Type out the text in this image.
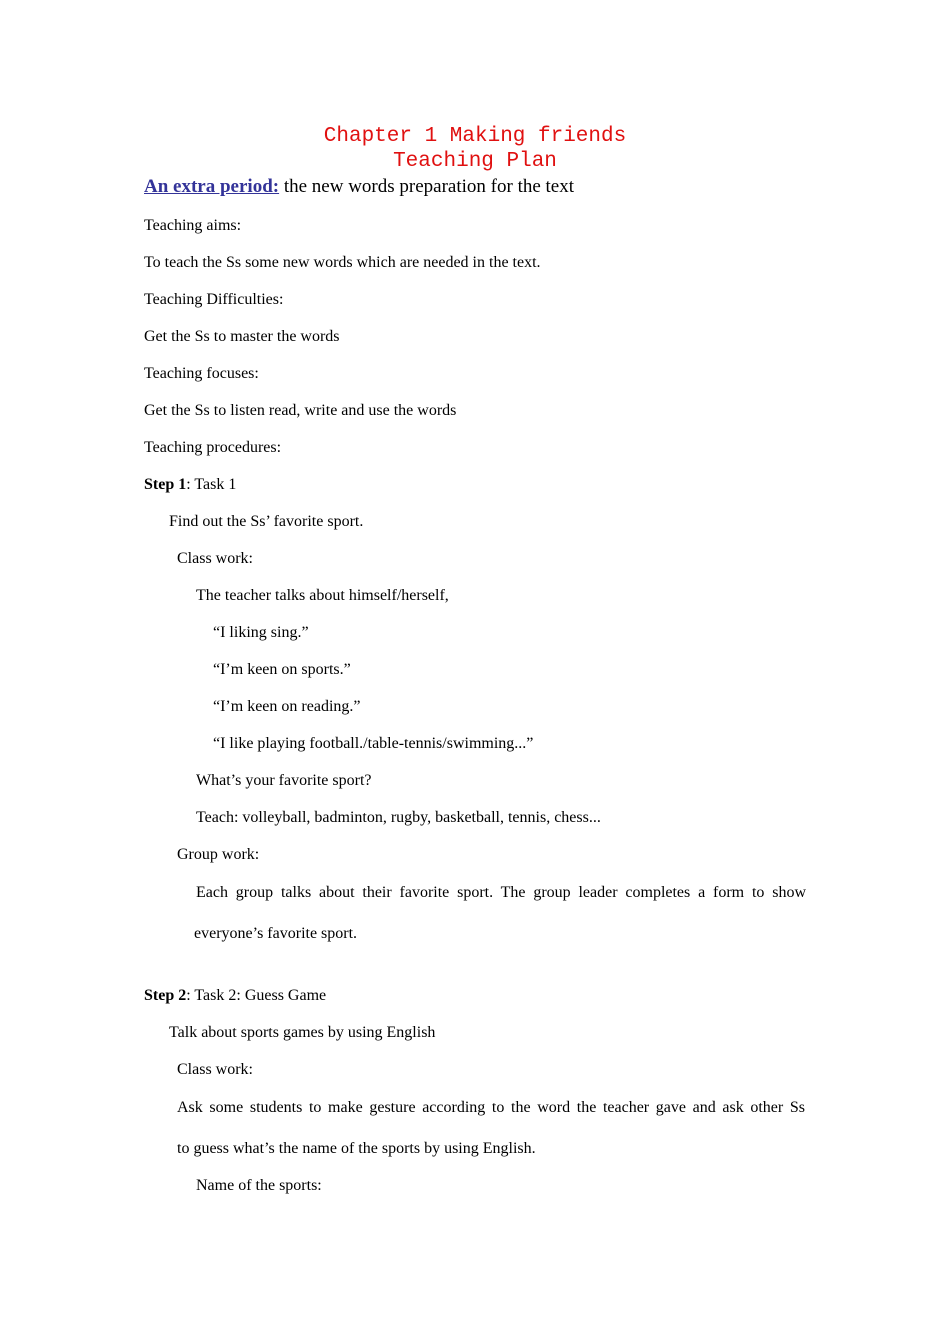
Chapter 1 Making friends
Teaching Plan
An extra period: the new words preparation for the text
Teaching aims:
To teach the Ss some new words which are needed in the text.
Teaching Difficulties:
Get the Ss to master the words
Teaching focuses:
Get the Ss to listen read, write and use the words
Teaching procedures:
Step 1: Task 1
Find out the Ss’ favorite sport.
Class work:
The teacher talks about himself/herself,
“I liking sing.”
“I’m keen on sports.”
“I’m keen on reading.”
“I like playing football./table-tennis/swimming...”
What’s your favorite sport?
Teach: volleyball, badminton, rugby, basketball, tennis, chess...
Group work:
Each group talks about their favorite sport. The group leader completes a form to show
everyone’s favorite sport.
Step 2: Task 2: Guess Game
Talk about sports games by using English
Class work:
Ask some students to make gesture according to the word the teacher gave and ask other Ss
to guess what’s the name of the sports by using English.
Name of the sports:
